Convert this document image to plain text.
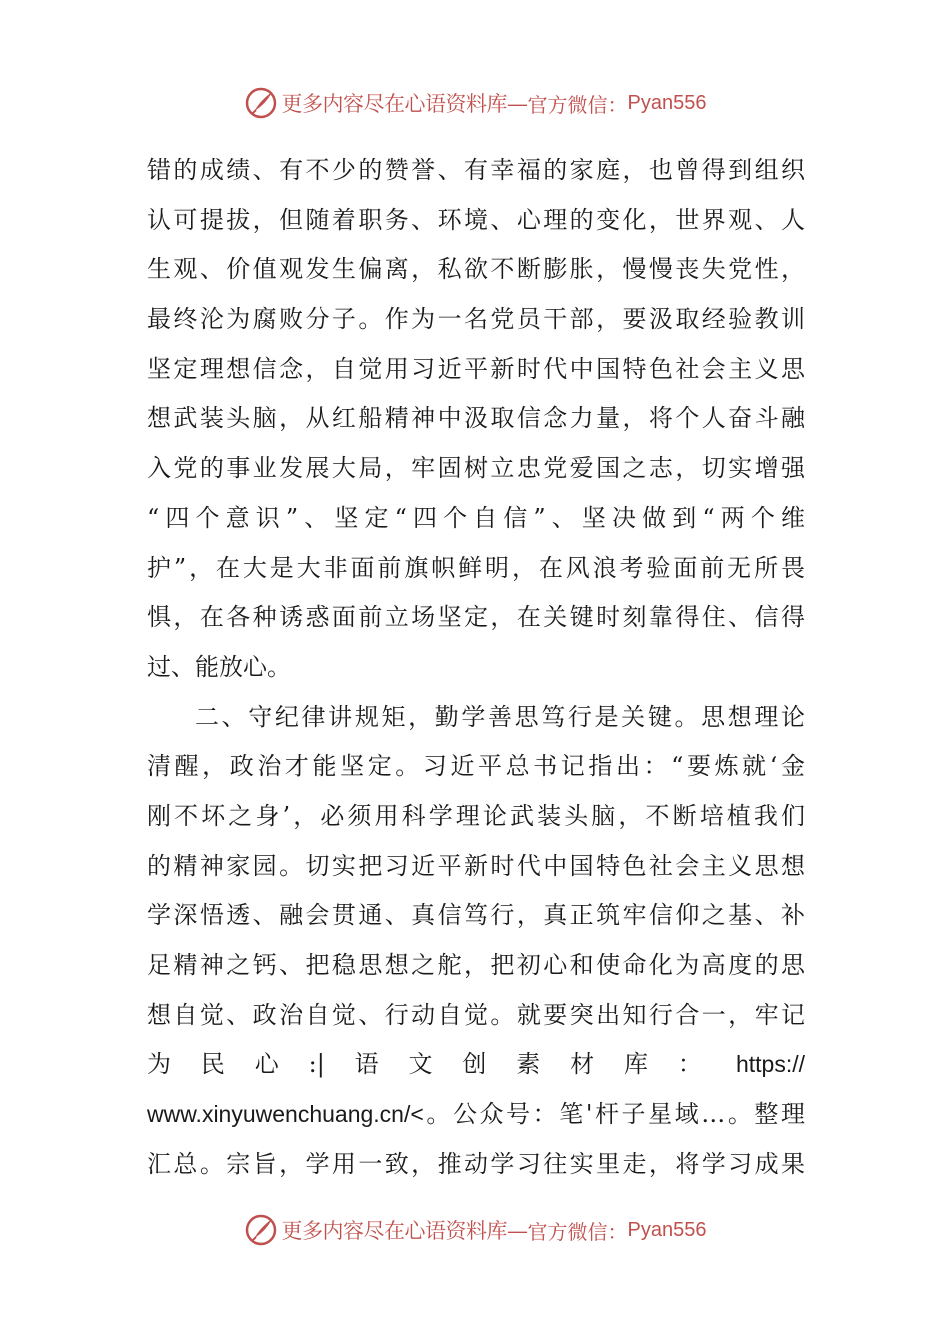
更多内容尽在心语资料库— 官方微信： Pyan556
错的成绩、有不少的赞誉、有幸福的家庭，也曾得到组织
认可提拔，但随着职务、环境、心理的变化，世界观、人
生观、价值观发生偏离，私欲不断膨胀，慢慢丧失党性，
最终沦为腐败分子。作为一名党员干部，要汲取经验教训
坚定理想信念，自觉用习近平新时代中国特色社会主义思
想武装头脑，从红船精神中汲取信念力量，将个人奋斗融
入党的事业发展大局，牢固树立忠党爱国之志，切实增强
“四个意识”、坚定“四个自信”、坚决做到“两个维
护”，在大是大非面前旗帜鲜明，在风浪考验面前无所畏
惧，在各种诱惑面前立场坚定，在关键时刻靠得住、信得
过、能放心。
二、守纪律讲规矩，勤学善思笃行是关键。思想理论
清醒，政治才能坚定。习近平总书记指出：“要炼就‘金
刚不坏之身’，必须用科学理论武装头脑，不断培植我们
的精神家园。切实把习近平新时代中国特色社会主义思想
学深悟透、融会贯通、真信笃行，真正筑牢信仰之基、补
足精神之钙、把稳思想之舵，把初心和使命化为高度的思
想自觉、政治自觉、行动自觉。就要突出知行合一，牢记
为 民 心 :| 语 文 创 素 材 库 ： https://
www.xinyuwenchuang.cn/<。公众号：笔'杆子星域…。整理
汇总。宗旨，学用一致，推动学习往实里走，将学习成果
更多内容尽在心语资料库— 官方微信： Pyan556
